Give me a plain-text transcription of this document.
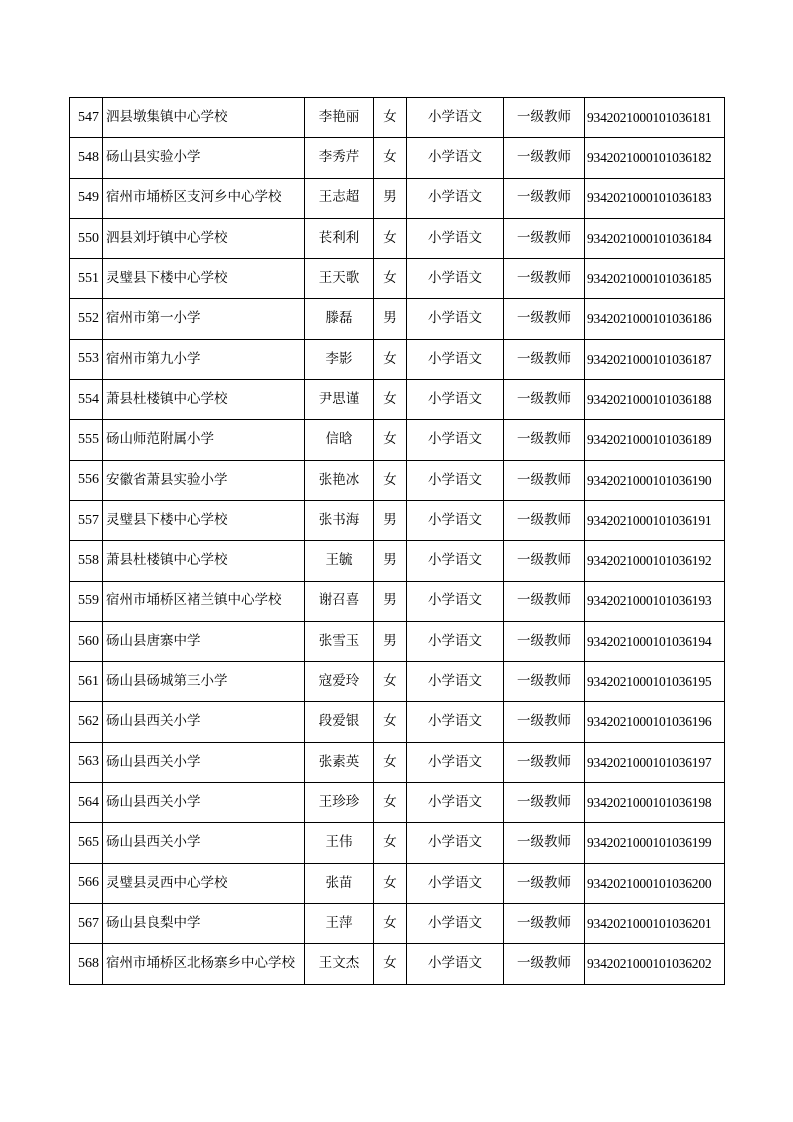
547	泗县墩集镇中心学校	李艳丽	女	小学语文	一级教师	9342021000101036181
548	砀山县实验小学	李秀芹	女	小学语文	一级教师	9342021000101036182
549	宿州市埇桥区支河乡中心学校	王志超	男	小学语文	一级教师	9342021000101036183
550	泗县刘圩镇中心学校	苌利利	女	小学语文	一级教师	9342021000101036184
551	灵璧县下楼中心学校	王天歌	女	小学语文	一级教师	9342021000101036185
552	宿州市第一小学	滕磊	男	小学语文	一级教师	9342021000101036186
553	宿州市第九小学	李影	女	小学语文	一级教师	9342021000101036187
554	萧县杜楼镇中心学校	尹思谨	女	小学语文	一级教师	9342021000101036188
555	砀山师范附属小学	信晗	女	小学语文	一级教师	9342021000101036189
556	安徽省萧县实验小学	张艳冰	女	小学语文	一级教师	9342021000101036190
557	灵璧县下楼中心学校	张书海	男	小学语文	一级教师	9342021000101036191
558	萧县杜楼镇中心学校	王毓	男	小学语文	一级教师	9342021000101036192
559	宿州市埇桥区褚兰镇中心学校	谢召喜	男	小学语文	一级教师	9342021000101036193
560	砀山县唐寨中学	张雪玉	男	小学语文	一级教师	9342021000101036194
561	砀山县砀城第三小学	寇爱玲	女	小学语文	一级教师	9342021000101036195
562	砀山县西关小学	段爱银	女	小学语文	一级教师	9342021000101036196
563	砀山县西关小学	张素英	女	小学语文	一级教师	9342021000101036197
564	砀山县西关小学	王珍珍	女	小学语文	一级教师	9342021000101036198
565	砀山县西关小学	王伟	女	小学语文	一级教师	9342021000101036199
566	灵璧县灵西中心学校	张苗	女	小学语文	一级教师	9342021000101036200
567	砀山县良梨中学	王萍	女	小学语文	一级教师	9342021000101036201
568	宿州市埇桥区北杨寨乡中心学校	王文杰	女	小学语文	一级教师	9342021000101036202
